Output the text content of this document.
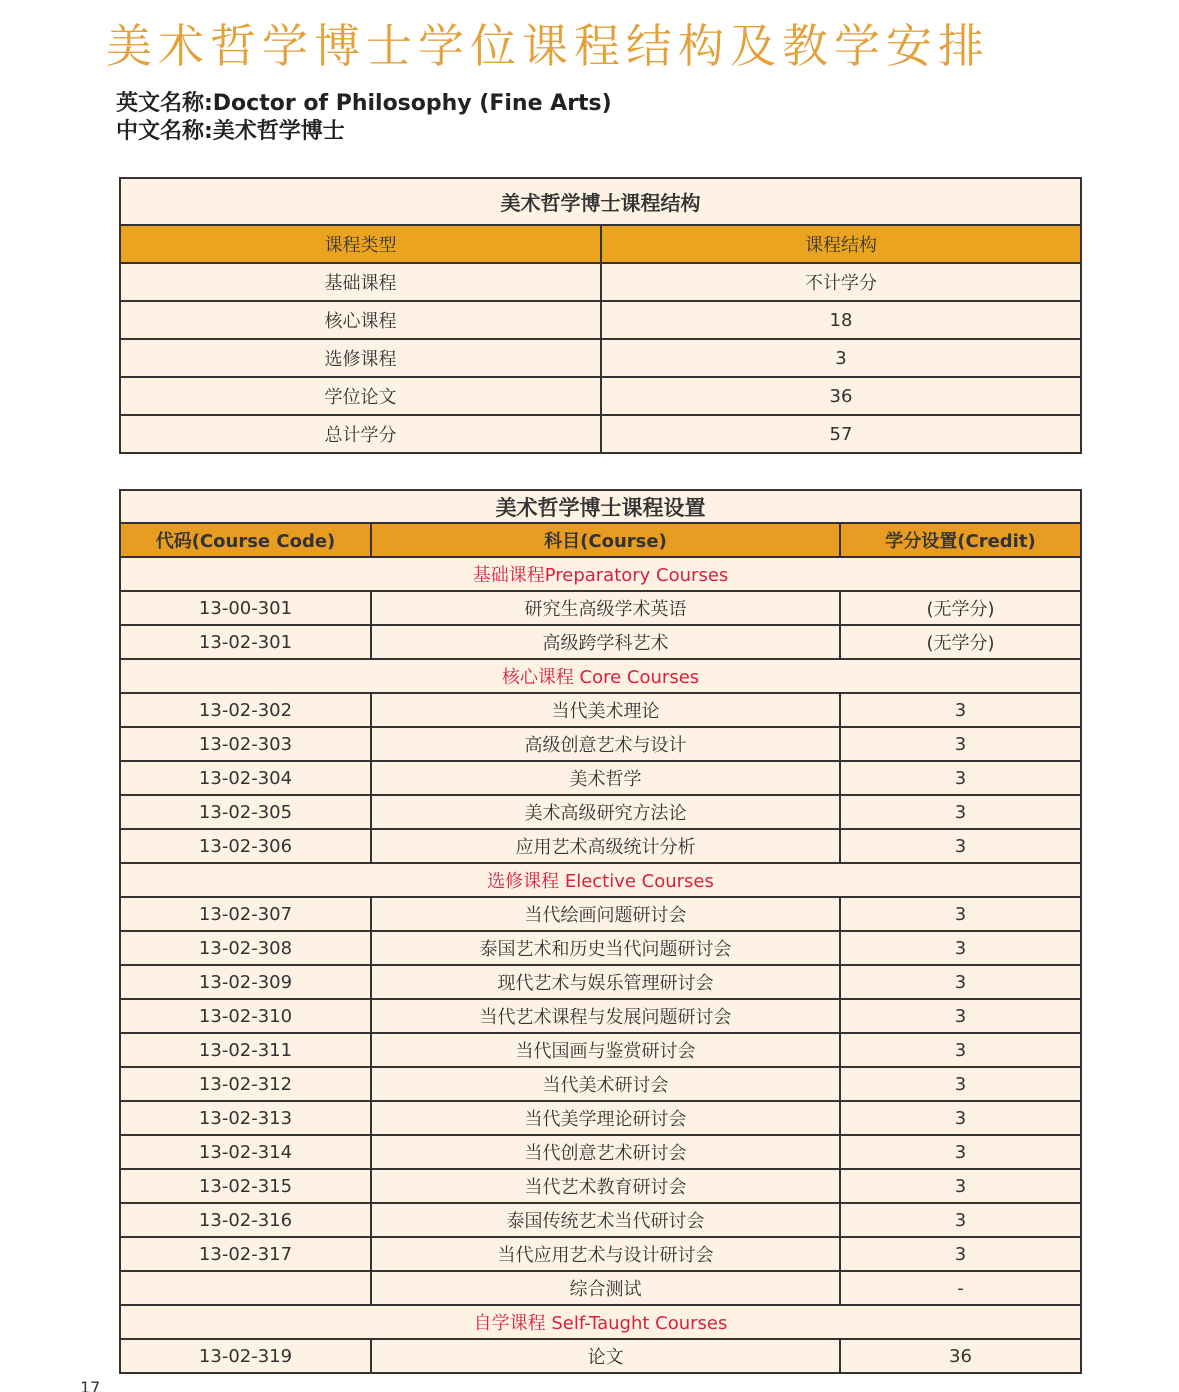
美术哲学博士学位课程结构及教学安排
英文名称:Doctor of Philosophy (Fine Arts)
中文名称:美术哲学博士
美术哲学博士课程结构	
课程类型	课程结构
基础课程	不计学分
核心课程	18
选修课程	3
学位论文	36
总计学分	57
美术哲学博士课程设置		
代码(Course Code)	科目(Course)	学分设置(Credit)
基础课程Preparatory Courses		
13-00-301	研究生高级学术英语	(无学分)
13-02-301	高级跨学科艺术	(无学分)
核心课程 Core Courses		
13-02-302	当代美术理论	3
13-02-303	高级创意艺术与设计	3
13-02-304	美术哲学	3
13-02-305	美术高级研究方法论	3
13-02-306	应用艺术高级统计分析	3
选修课程 Elective Courses		
13-02-307	当代绘画问题研讨会	3
13-02-308	泰国艺术和历史当代问题研讨会	3
13-02-309	现代艺术与娱乐管理研讨会	3
13-02-310	当代艺术课程与发展问题研讨会	3
13-02-311	当代国画与鉴赏研讨会	3
13-02-312	当代美术研讨会	3
13-02-313	当代美学理论研讨会	3
13-02-314	当代创意艺术研讨会	3
13-02-315	当代艺术教育研讨会	3
13-02-316	泰国传统艺术当代研讨会	3
13-02-317	当代应用艺术与设计研讨会	3
	综合测试	-
自学课程 Self-Taught Courses		
13-02-319	论文	36
17
